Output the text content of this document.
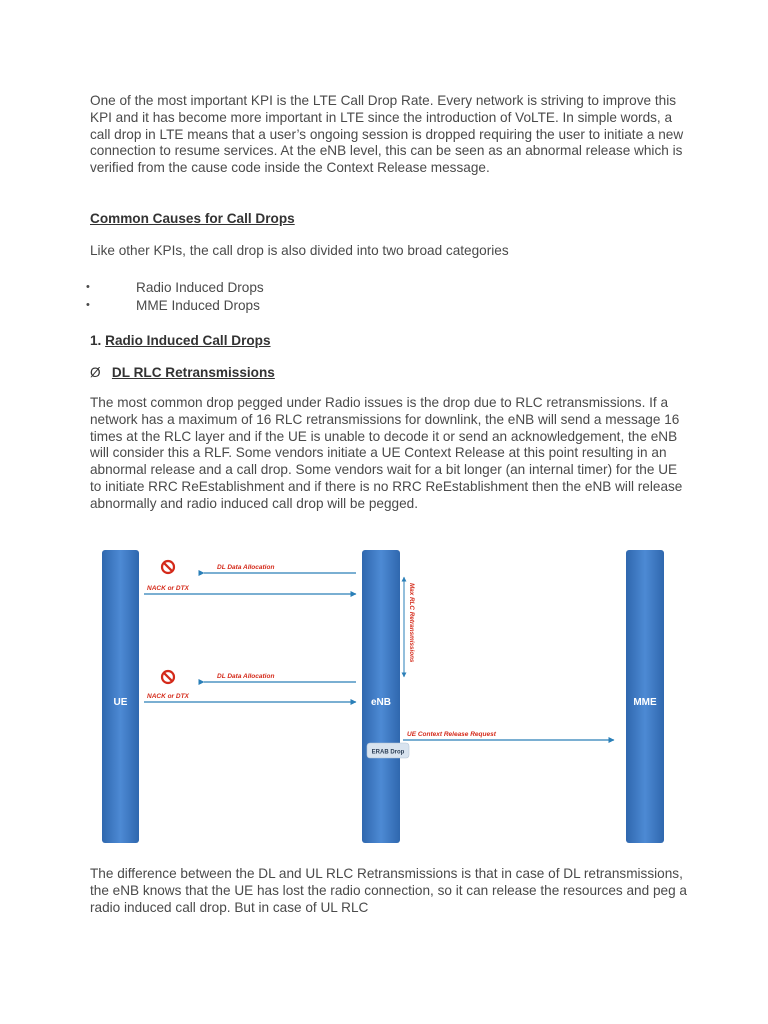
One of the most important KPI is the LTE Call Drop Rate. Every network is striving to improve this KPI and it has become more important in LTE since the introduction of VoLTE. In simple words, a call drop in LTE means that a user’s ongoing session is dropped requiring the user to initiate a new connection to resume services. At the eNB level, this can be seen as an abnormal release which is verified from the cause code inside the Context Release message.

Common Causes for Call Drops

Like other KPIs, the call drop is also divided into two broad categories

•	Radio Induced Drops
•	MME Induced Drops

1. Radio Induced Call Drops

Ø DL RLC Retransmissions

The most common drop pegged under Radio issues is the drop due to RLC retransmissions. If a network has a maximum of 16 RLC retransmissions for downlink, the eNB will send a message 16 times at the RLC layer and if the UE is unable to decode it or send an acknowledgement, the eNB will consider this a RLF. Some vendors initiate a UE Context Release at this point resulting in an abnormal release and a call drop. Some vendors wait for a bit longer (an internal timer) for the UE to initiate RRC ReEstablishment and if there is no RRC ReEstablishment then the eNB will release abnormally and radio induced call drop will be pegged.

UE	eNB	MME
DL Data Allocation
NACK or DTX
DL Data Allocation
NACK or DTX
Max RLC Retransmissions
UE Context Release Request
ERAB Drop

The difference between the DL and UL RLC Retransmissions is that in case of DL retransmissions, the eNB knows that the UE has lost the radio connection, so it can release the resources and peg a radio induced call drop. But in case of UL RLC
